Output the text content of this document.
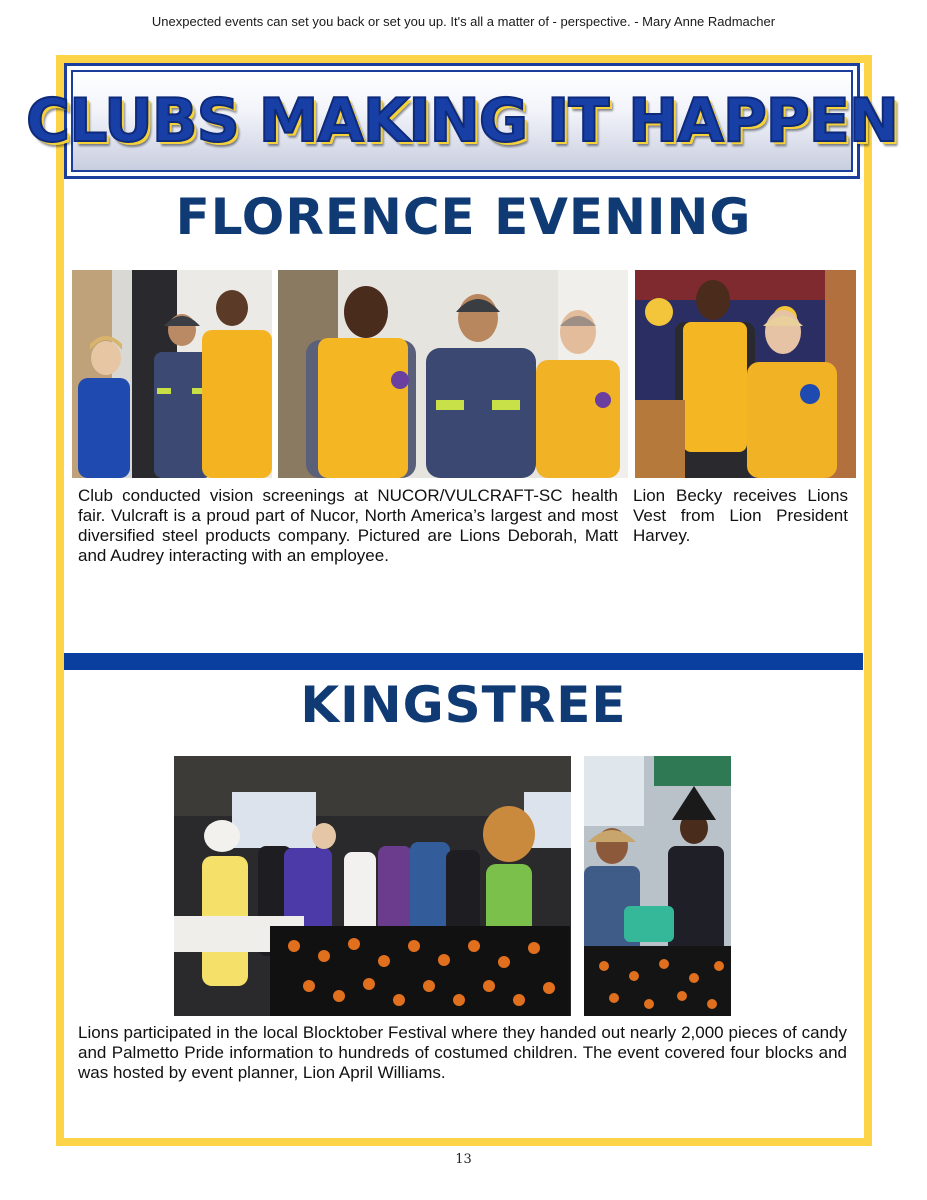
Unexpected events can set you back or set you up. It's all a matter of - perspective. - Mary Anne Radmacher
CLUBS MAKING IT HAPPEN
FLORENCE EVENING
Club conducted vision screenings at NUCOR/VULCRAFT-SC health fair. Vulcraft is a proud part of Nucor, North America’s largest and most diversified steel products company. Pictured are Lions Deborah, Matt and Audrey interacting with an employee.
Lion Becky receives Lions Vest from Lion President Harvey.
KINGSTREE
Lions participated in the local Blocktober Festival where they handed out nearly 2,000 pieces of candy and Palmetto Pride information to hundreds of costumed children. The event covered four blocks and was hosted by event planner, Lion April Williams.
13
